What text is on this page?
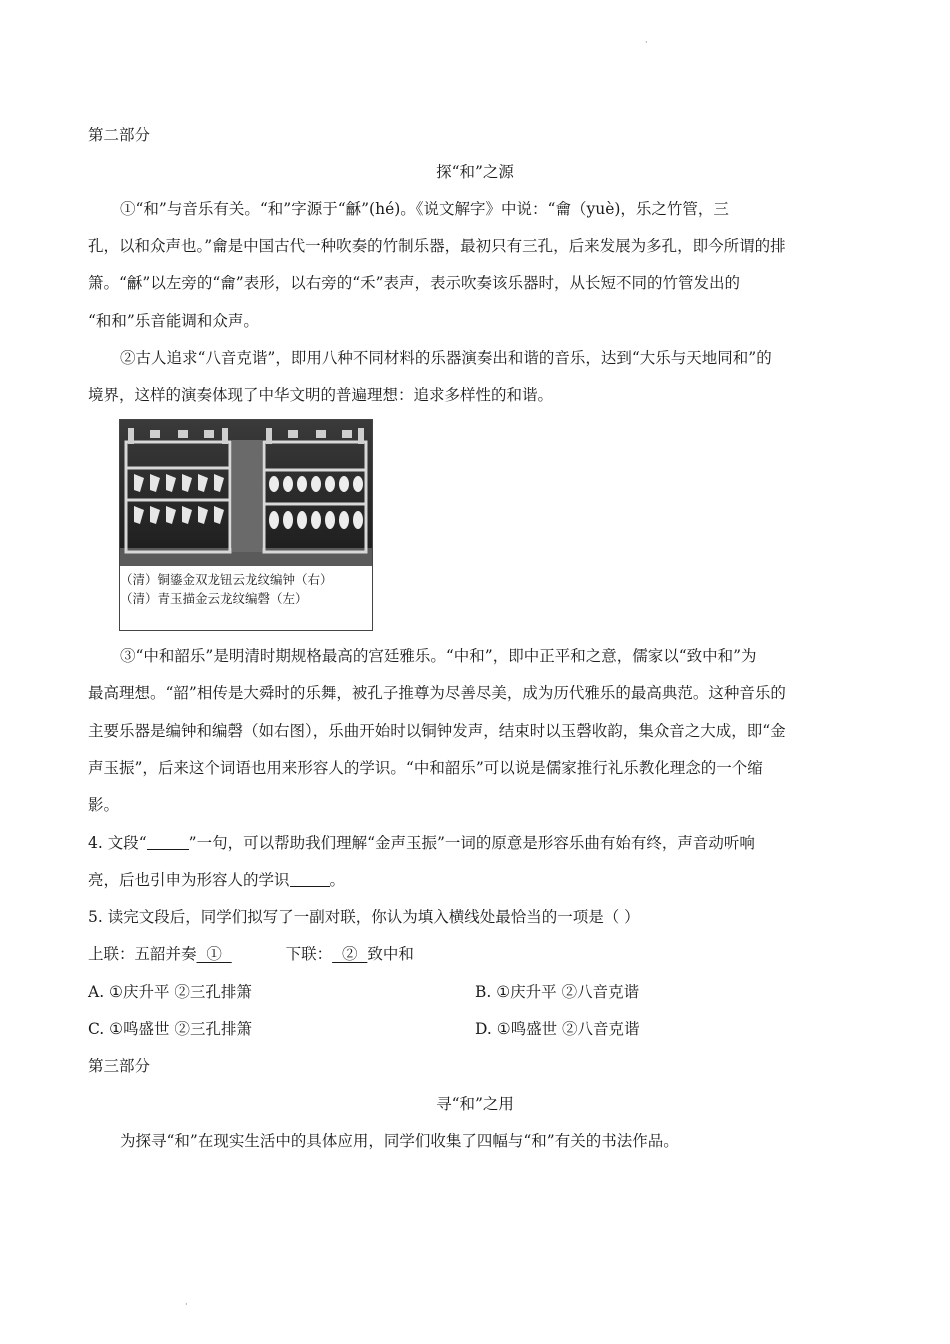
·
第二部分
探“和”之源
①“和”与音乐有关。“和”字源于“龢”(hé)。《说文解字》中说：“龠（yuè)，乐之竹管，三
孔，以和众声也。”龠是中国古代一种吹奏的竹制乐器，最初只有三孔，后来发展为多孔，即今所谓的排
箫。“龢”以左旁的“龠”表形，以右旁的“禾”表声，表示吹奏该乐器时，从长短不同的竹管发出的
“和和”乐音能调和众声。
②古人追求“八音克谐”，即用八种不同材料的乐器演奏出和谐的音乐，达到“大乐与天地同和”的
境界，这样的演奏体现了中华文明的普遍理想：追求多样性的和谐。
（清）铜鎏金双龙钮云龙纹编钟（右）
（清）青玉描金云龙纹编磬（左）
③“中和韶乐”是明清时期规格最高的宫廷雅乐。“中和”，即中正平和之意，儒家以“致中和”为
最高理想。“韶”相传是大舜时的乐舞，被孔子推尊为尽善尽美，成为历代雅乐的最高典范。这种音乐的
主要乐器是编钟和编磬（如右图），乐曲开始时以铜钟发声，结束时以玉磬收韵，集众音之大成，即“金
声玉振”，后来这个词语也用来形容人的学识。“中和韶乐”可以说是儒家推行礼乐教化理念的一个缩
影。
4. 文段“	”一句，可以帮助我们理解“金声玉振”一词的原意是形容乐曲有始有终，声音动听响
亮，后也引申为形容人的学识	。
5. 读完文段后，同学们拟写了一副对联，你认为填入横线处最恰当的一项是（ ）
上联：五韶并奏  ①	下联：  ②  致中和
A. ①庆升平 ②三孔排箫	B. ①庆升平 ②八音克谐
C. ①鸣盛世 ②三孔排箫	D. ①鸣盛世 ②八音克谐
第三部分
寻“和”之用
为探寻“和”在现实生活中的具体应用，同学们收集了四幅与“和”有关的书法作品。
·
